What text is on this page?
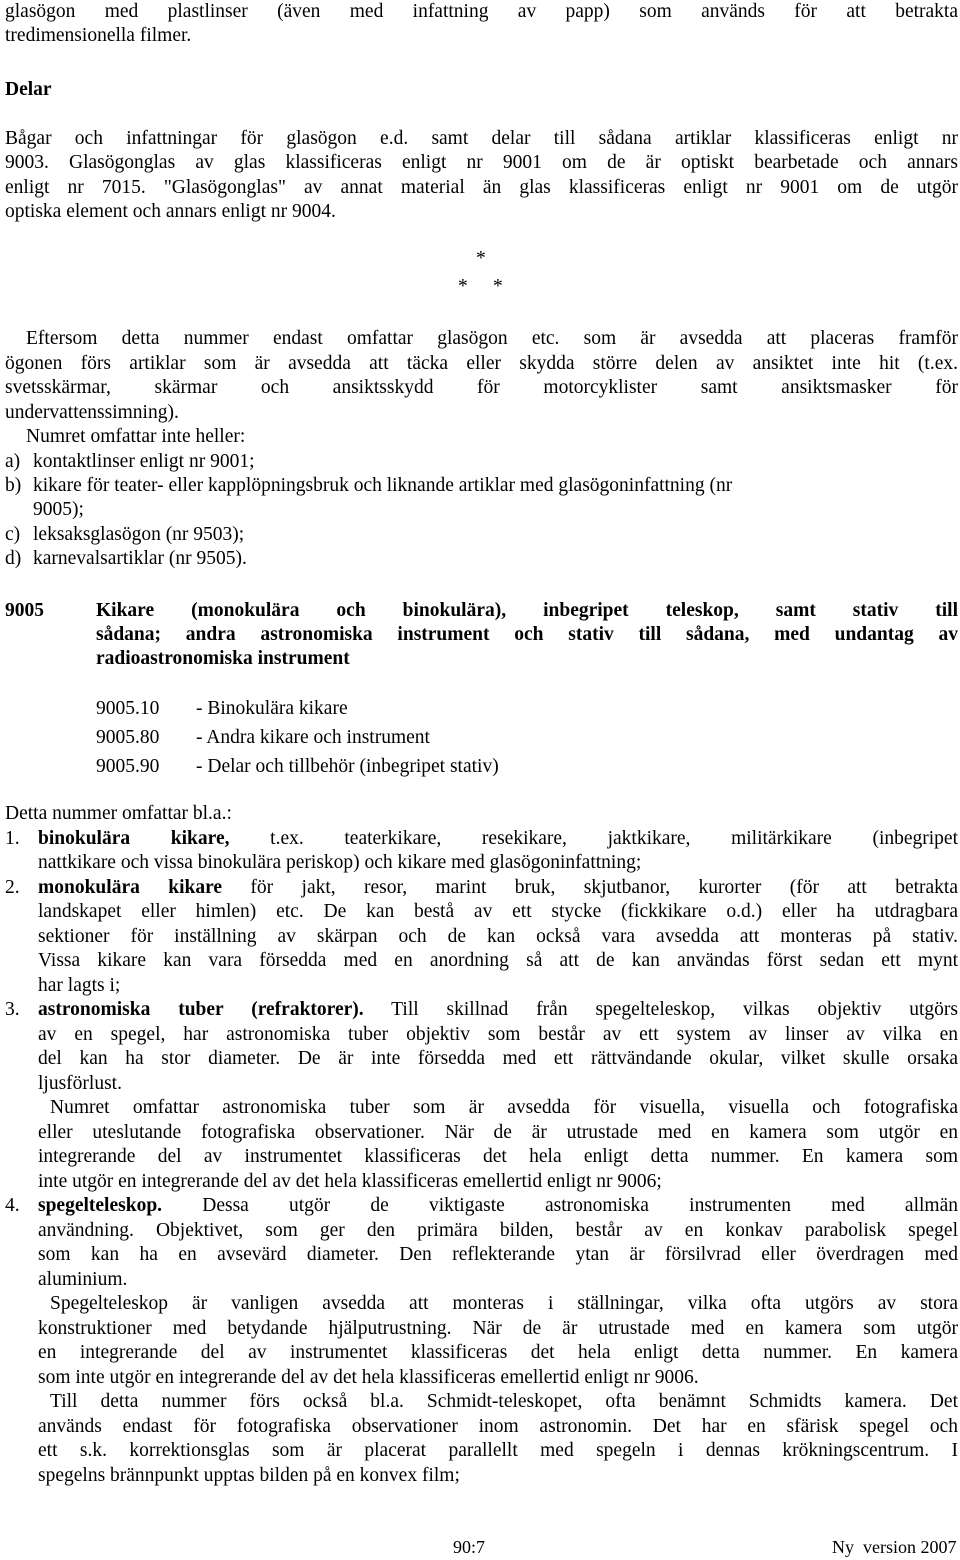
glasögon med plastlinser (även med infattning av papp) som används för att betrakta
tredimensionella filmer.
Delar
Bågar och infattningar för glasögon e.d. samt delar till sådana artiklar klassificeras enligt nr
9003. Glasögonglas av glas klassificeras enligt nr 9001 om de är optiskt bearbetade och annars
enligt nr 7015. "Glasögonglas" av annat material än glas klassificeras enligt nr 9001 om de utgör
optiska element och annars enligt nr 9004.
*
* *
Eftersom detta nummer endast omfattar glasögon etc. som är avsedda att placeras framför
ögonen förs artiklar som är avsedda att täcka eller skydda större delen av ansiktet inte hit (t.ex.
svetsskärmar, skärmar och ansiktsskydd för motorcyklister samt ansiktsmasker för
undervattenssimning).
Numret omfattar inte heller:
a) kontaktlinser enligt nr 9001;
b) kikare för teater- eller kapplöpningsbruk och liknande artiklar med glasögoninfattning (nr
9005);
c) leksaksglasögon (nr 9503);
d) karnevalsartiklar (nr 9505).
9005	Kikare (monokulära och binokulära), inbegripet teleskop, samt stativ till
sådana; andra astronomiska instrument och stativ till sådana, med undantag av
radioastronomiska instrument
9005.10 - Binokulära kikare
9005.80 - Andra kikare och instrument
9005.90 - Delar och tillbehör (inbegripet stativ)
Detta nummer omfattar bl.a.:
1. binokulära kikare, t.ex. teaterkikare, resekikare, jaktkikare, militärkikare (inbegripet
nattkikare och vissa binokulära periskop) och kikare med glasögoninfattning;
2. monokulära kikare för jakt, resor, marint bruk, skjutbanor, kurorter (för att betrakta
landskapet eller himlen) etc. De kan bestå av ett stycke (fickkikare o.d.) eller ha utdragbara
sektioner för inställning av skärpan och de kan också vara avsedda att monteras på stativ.
Vissa kikare kan vara försedda med en anordning så att de kan användas först sedan ett mynt
har lagts i;
3. astronomiska tuber (refraktorer). Till skillnad från spegelteleskop, vilkas objektiv utgörs
av en spegel, har astronomiska tuber objektiv som består av ett system av linser av vilka en
del kan ha stor diameter. De är inte försedda med ett rättvändande okular, vilket skulle orsaka
ljusförlust.
Numret omfattar astronomiska tuber som är avsedda för visuella, visuella och fotografiska
eller uteslutande fotografiska observationer. När de är utrustade med en kamera som utgör en
integrerande del av instrumentet klassificeras det hela enligt detta nummer. En kamera som
inte utgör en integrerande del av det hela klassificeras emellertid enligt nr 9006;
4. spegelteleskop. Dessa utgör de viktigaste astronomiska instrumenten med allmän
användning. Objektivet, som ger den primära bilden, består av en konkav parabolisk spegel
som kan ha en avsevärd diameter. Den reflekterande ytan är försilvrad eller överdragen med
aluminium.
Spegelteleskop är vanligen avsedda att monteras i ställningar, vilka ofta utgörs av stora
konstruktioner med betydande hjälputrustning. När de är utrustade med en kamera som utgör
en integrerande del av instrumentet klassificeras det hela enligt detta nummer. En kamera
som inte utgör en integrerande del av det hela klassificeras emellertid enligt nr 9006.
Till detta nummer förs också bl.a. Schmidt-teleskopet, ofta benämnt Schmidts kamera. Det
används endast för fotografiska observationer inom astronomin. Det har en sfärisk spegel och
ett s.k. korrektionsglas som är placerat parallellt med spegeln i dennas krökningscentrum. I
spegelns brännpunkt upptas bilden på en konvex film;
90:7	Ny  version 2007
